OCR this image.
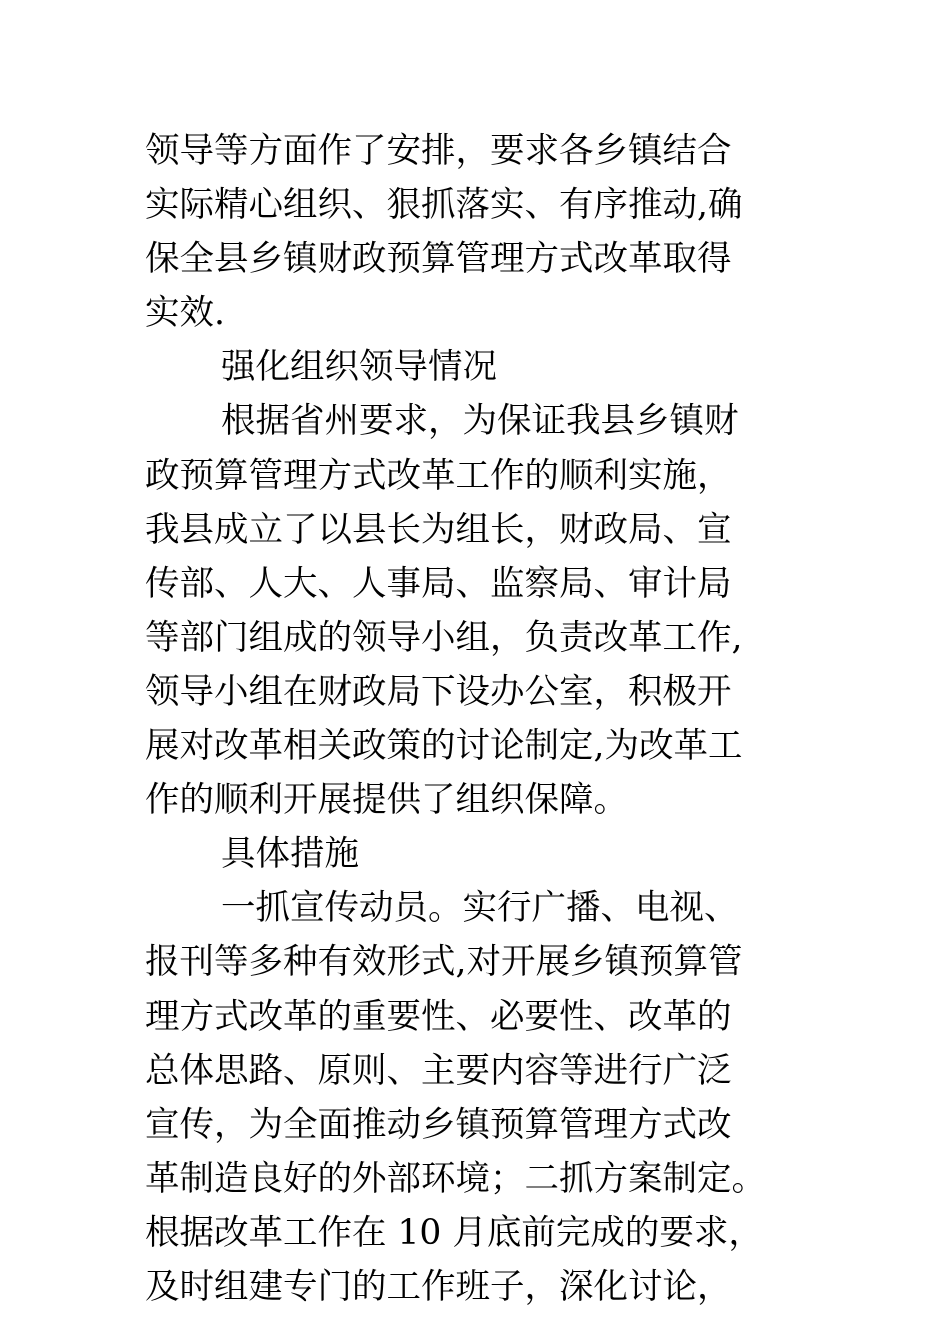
领导等方面作了安排，要求各乡镇结合
实际精心组织、狠抓落实、有序推动,确
保全县乡镇财政预算管理方式改革取得
实效.
强化组织领导情况
根据省州要求，为保证我县乡镇财
政预算管理方式改革工作的顺利实施，
我县成立了以县长为组长，财政局、宣
传部、人大、人事局、监察局、审计局
等部门组成的领导小组，负责改革工作,
领导小组在财政局下设办公室，积极开
展对改革相关政策的讨论制定,为改革工
作的顺利开展提供了组织保障。
具体措施
一抓宣传动员。实行广播、电视、
报刊等多种有效形式,对开展乡镇预算管
理方式改革的重要性、必要性、改革的
总体思路、原则、主要内容等进行广泛
宣传，为全面推动乡镇预算管理方式改
革制造良好的外部环境；二抓方案制定。
根据改革工作在 10 月底前完成的要求，
及时组建专门的工作班子，深化讨论，
